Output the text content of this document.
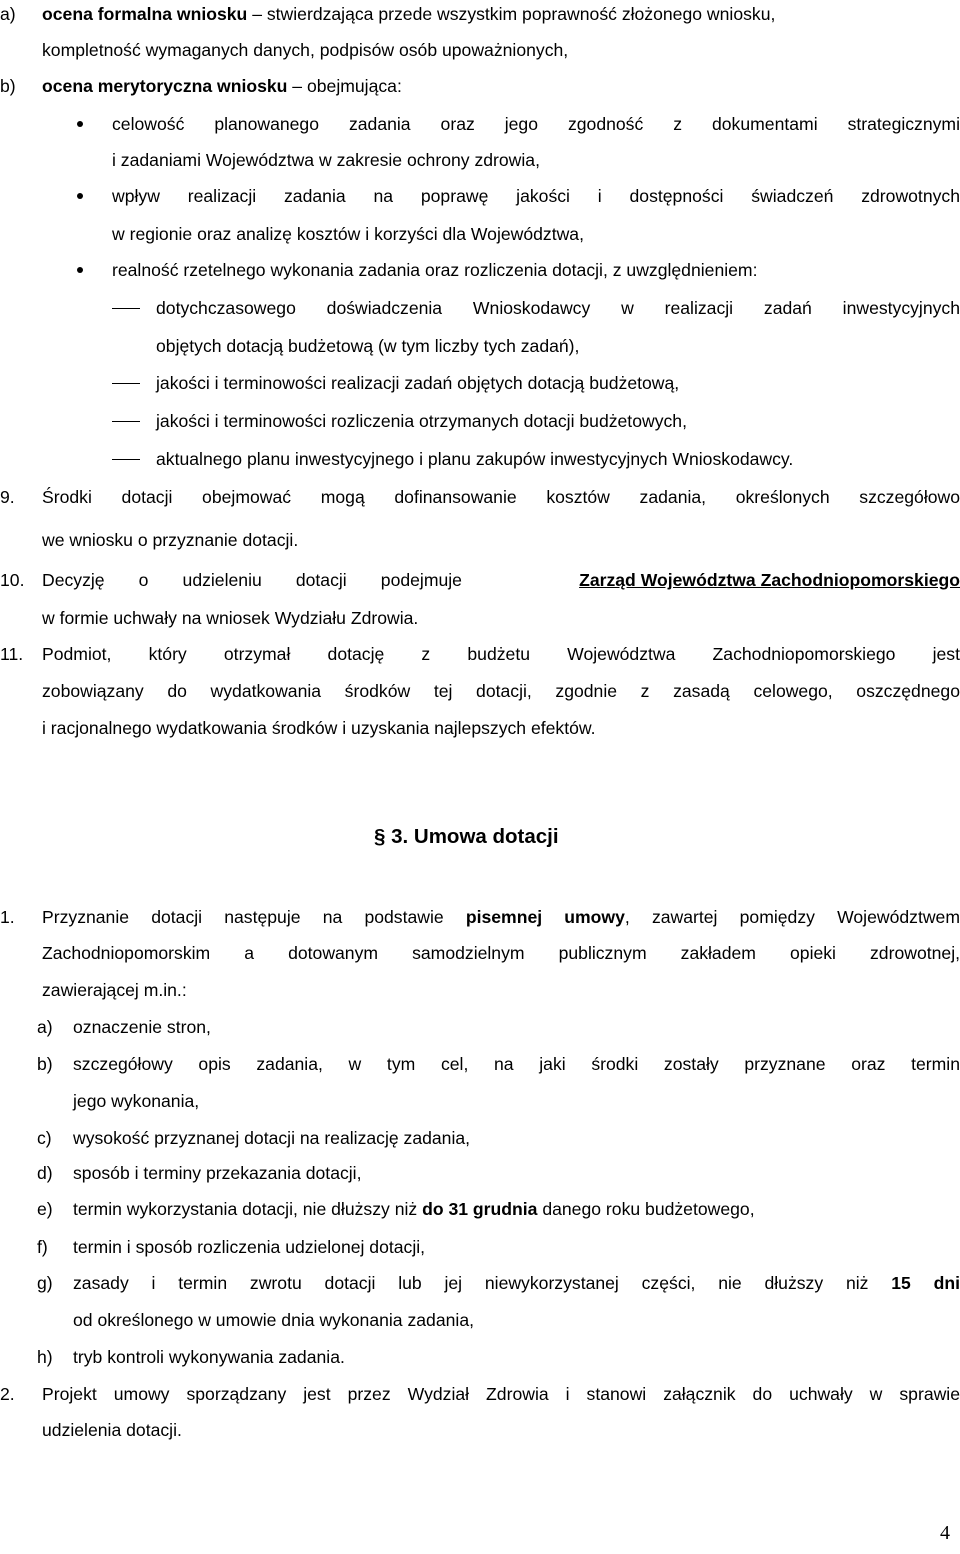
a) ocena formalna wniosku – stwierdzająca przede wszystkim poprawność złożonego wniosku,
kompletność wymaganych danych, podpisów osób upoważnionych,
b) ocena merytoryczna wniosku – obejmująca:
celowość planowanego zadania oraz jego zgodność z dokumentami strategicznymi
i zadaniami Województwa w zakresie ochrony zdrowia,
wpływ realizacji zadania na poprawę jakości i dostępności świadczeń zdrowotnych
w regionie oraz analizę kosztów i korzyści dla Województwa,
realność rzetelnego wykonania zadania oraz rozliczenia dotacji, z uwzględnieniem:
dotychczasowego doświadczenia Wnioskodawcy w realizacji zadań inwestycyjnych
objętych dotacją budżetową (w tym liczby tych zadań),
jakości i terminowości realizacji zadań objętych dotacją budżetową,
jakości i terminowości rozliczenia otrzymanych dotacji budżetowych,
aktualnego planu inwestycyjnego i planu zakupów inwestycyjnych Wnioskodawcy.
9. Środki dotacji obejmować mogą dofinansowanie kosztów zadania, określonych szczegółowo
we wniosku o przyznanie dotacji.
10. Decyzję o udzieleniu dotacji podejmuje	Zarząd Województwa Zachodniopomorskiego
w formie uchwały na wniosek Wydziału Zdrowia.
11. Podmiot, który otrzymał dotację z budżetu Województwa Zachodniopomorskiego jest
zobowiązany do wydatkowania środków tej dotacji, zgodnie z zasadą celowego, oszczędnego
i racjonalnego wydatkowania środków i uzyskania najlepszych efektów.
§ 3. Umowa dotacji
1. Przyznanie dotacji następuje na podstawie pisemnej umowy, zawartej pomiędzy Województwem
Zachodniopomorskim a dotowanym samodzielnym publicznym zakładem opieki zdrowotnej,
zawierającej m.in.:
a) oznaczenie stron,
b) szczegółowy opis zadania, w tym cel, na jaki środki zostały przyznane oraz termin
jego wykonania,
c) wysokość przyznanej dotacji na realizację zadania,
d) sposób i terminy przekazania dotacji,
e) termin wykorzystania dotacji, nie dłuższy niż do 31 grudnia danego roku budżetowego,
f) termin i sposób rozliczenia udzielonej dotacji,
g) zasady i termin zwrotu dotacji lub jej niewykorzystanej części, nie dłuższy niż 15 dni
od określonego w umowie dnia wykonania zadania,
h) tryb kontroli wykonywania zadania.
2. Projekt umowy sporządzany jest przez Wydział Zdrowia i stanowi załącznik do uchwały w sprawie
udzielenia dotacji.
4
